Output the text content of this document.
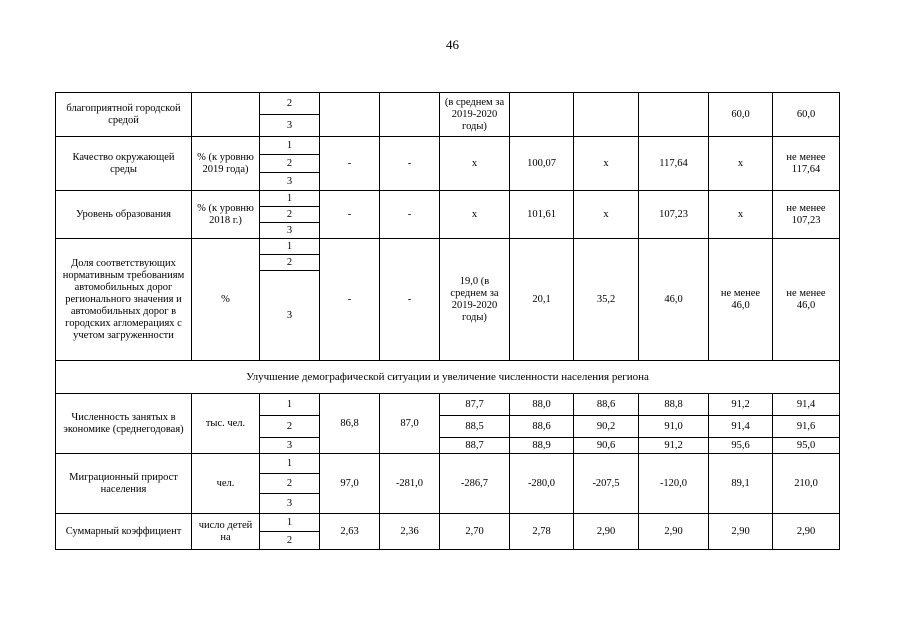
46
благоприятной городской средой		2			(в среднем за 2019-2020 годы)				60,0	60,0
		3								
Качество окружающей среды	% (к уровню 2019 года)	1	-	-	x	100,07	x	117,64	x	не менее 117,64
		2								
		3								
Уровень образования	% (к уровню 2018 г.)	1	-	-	x	101,61	x	107,23	x	не менее 107,23
		2								
		3								
Доля соответствующих нормативным требованиям автомобильных дорог регионального значения и автомобильных дорог в городских агломерациях с учетом загруженности	%	1	-	-	19,0 (в среднем за 2019-2020 годы)	20,1	35,2	46,0	не менее 46,0	не менее 46,0
		2								
		3								
Улучшение демографической ситуации и увеличение численности населения региона										
Численность занятых в экономике (среднегодовая)	тыс. чел.	1	86,8	87,0	87,7	88,0	88,6	88,8	91,2	91,4
		2			88,5	88,6	90,2	91,0	91,4	91,6
		3			88,7	88,9	90,6	91,2	95,6	95,0
Миграционный прирост населения	чел.	1	97,0	-281,0	-286,7	-280,0	-207,5	-120,0	89,1	210,0
		2								
		3								
Суммарный коэффициент	число детей на	1	2,63	2,36	2,70	2,78	2,90	2,90	2,90	2,90
		2								
